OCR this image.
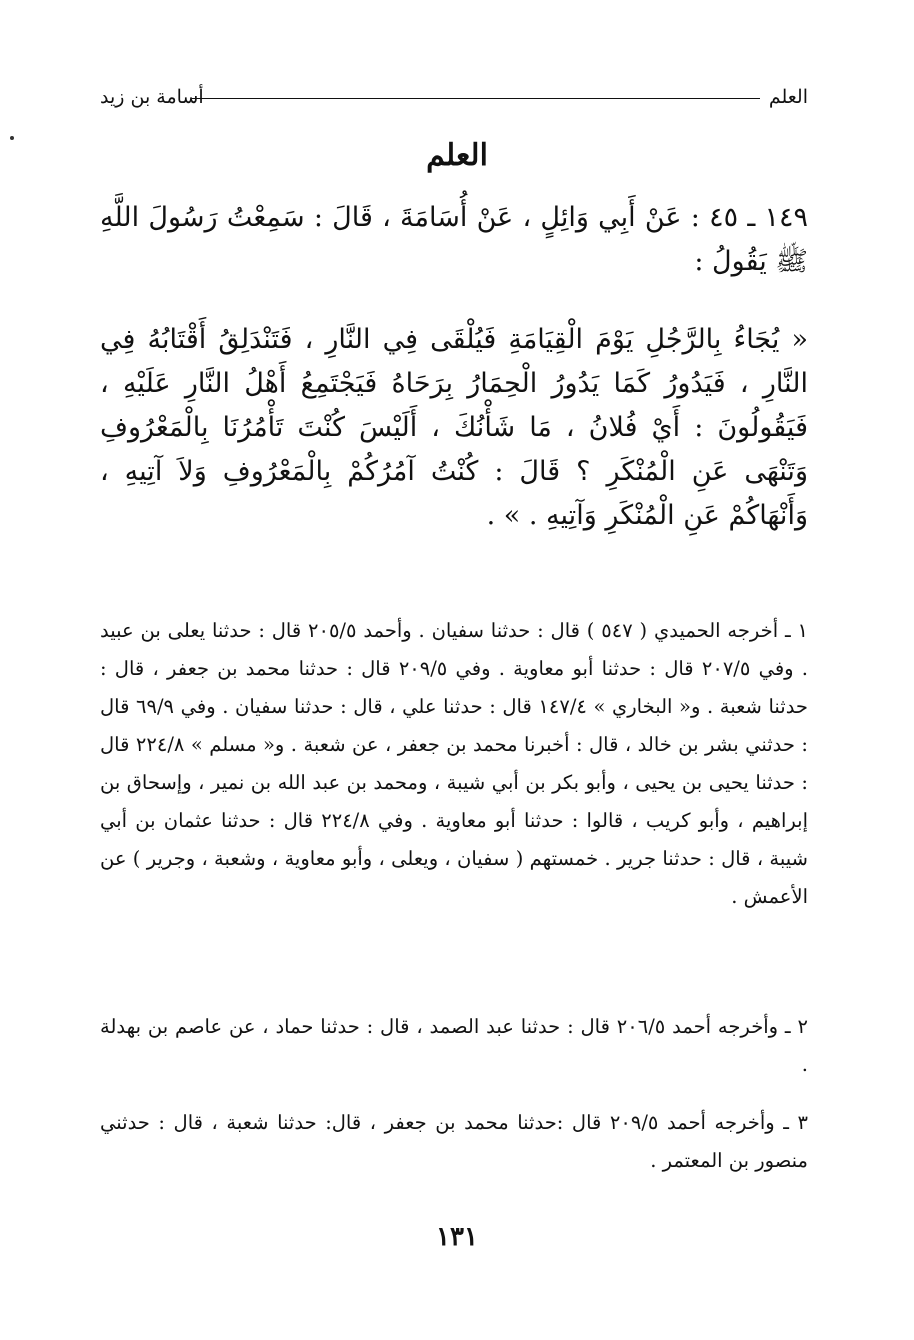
العلم
أسامة بن زيد
العلم

١٤٩ ـ ٤٥ : عَنْ أَبِي وَائِلٍ ، عَنْ أُسَامَةَ ، قَالَ : سَمِعْتُ رَسُولَ اللَّهِ ﷺ يَقُولُ :

« يُجَاءُ بِالرَّجُلِ يَوْمَ الْقِيَامَةِ فَيُلْقَى فِي النَّارِ ، فَتَنْدَلِقُ أَقْتَابُهُ فِي النَّارِ ، فَيَدُورُ كَمَا يَدُورُ الْحِمَارُ بِرَحَاهُ فَيَجْتَمِعُ أَهْلُ النَّارِ عَلَيْهِ ، فَيَقُولُونَ : أَيْ فُلانُ ، مَا شَأْنُكَ ، أَلَيْسَ كُنْتَ تَأْمُرُنَا بِالْمَعْرُوفِ وَتَنْهَى عَنِ الْمُنْكَرِ ؟ قَالَ : كُنْتُ آمُرُكُمْ بِالْمَعْرُوفِ وَلاَ آتِيهِ ، وَأَنْهَاكُمْ عَنِ الْمُنْكَرِ وَآتِيهِ . » .

١ ـ أخرجه الحميدي ( ٥٤٧ ) قال : حدثنا سفيان . وأحمد ٢٠٥/٥ قال : حدثنا يعلى بن عبيد . وفي ٢٠٧/٥ قال : حدثنا أبو معاوية . وفي ٢٠٩/٥ قال : حدثنا محمد بن جعفر ، قال : حدثنا شعبة . و« البخاري » ١٤٧/٤ قال : حدثنا علي ، قال : حدثنا سفيان . وفي ٦٩/٩ قال : حدثني بشر بن خالد ، قال : أخبرنا محمد بن جعفر ، عن شعبة . و« مسلم » ٢٢٤/٨ قال : حدثنا يحيى بن يحيى ، وأبو بكر بن أبي شيبة ، ومحمد بن عبد الله بن نمير ، وإسحاق بن إبراهيم ، وأبو كريب ، قالوا : حدثنا أبو معاوية . وفي ٢٢٤/٨ قال : حدثنا عثمان بن أبي شيبة ، قال : حدثنا جرير . خمستهم ( سفيان ، ويعلى ، وأبو معاوية ، وشعبة ، وجرير ) عن الأعمش .

٢ ـ وأخرجه أحمد ٢٠٦/٥ قال : حدثنا عبد الصمد ، قال : حدثنا حماد ، عن عاصم بن بهدلة .

٣ ـ وأخرجه أحمد ٢٠٩/٥ قال :حدثنا محمد بن جعفر ، قال: حدثنا شعبة ، قال : حدثني منصور بن المعتمر .

١٣١
